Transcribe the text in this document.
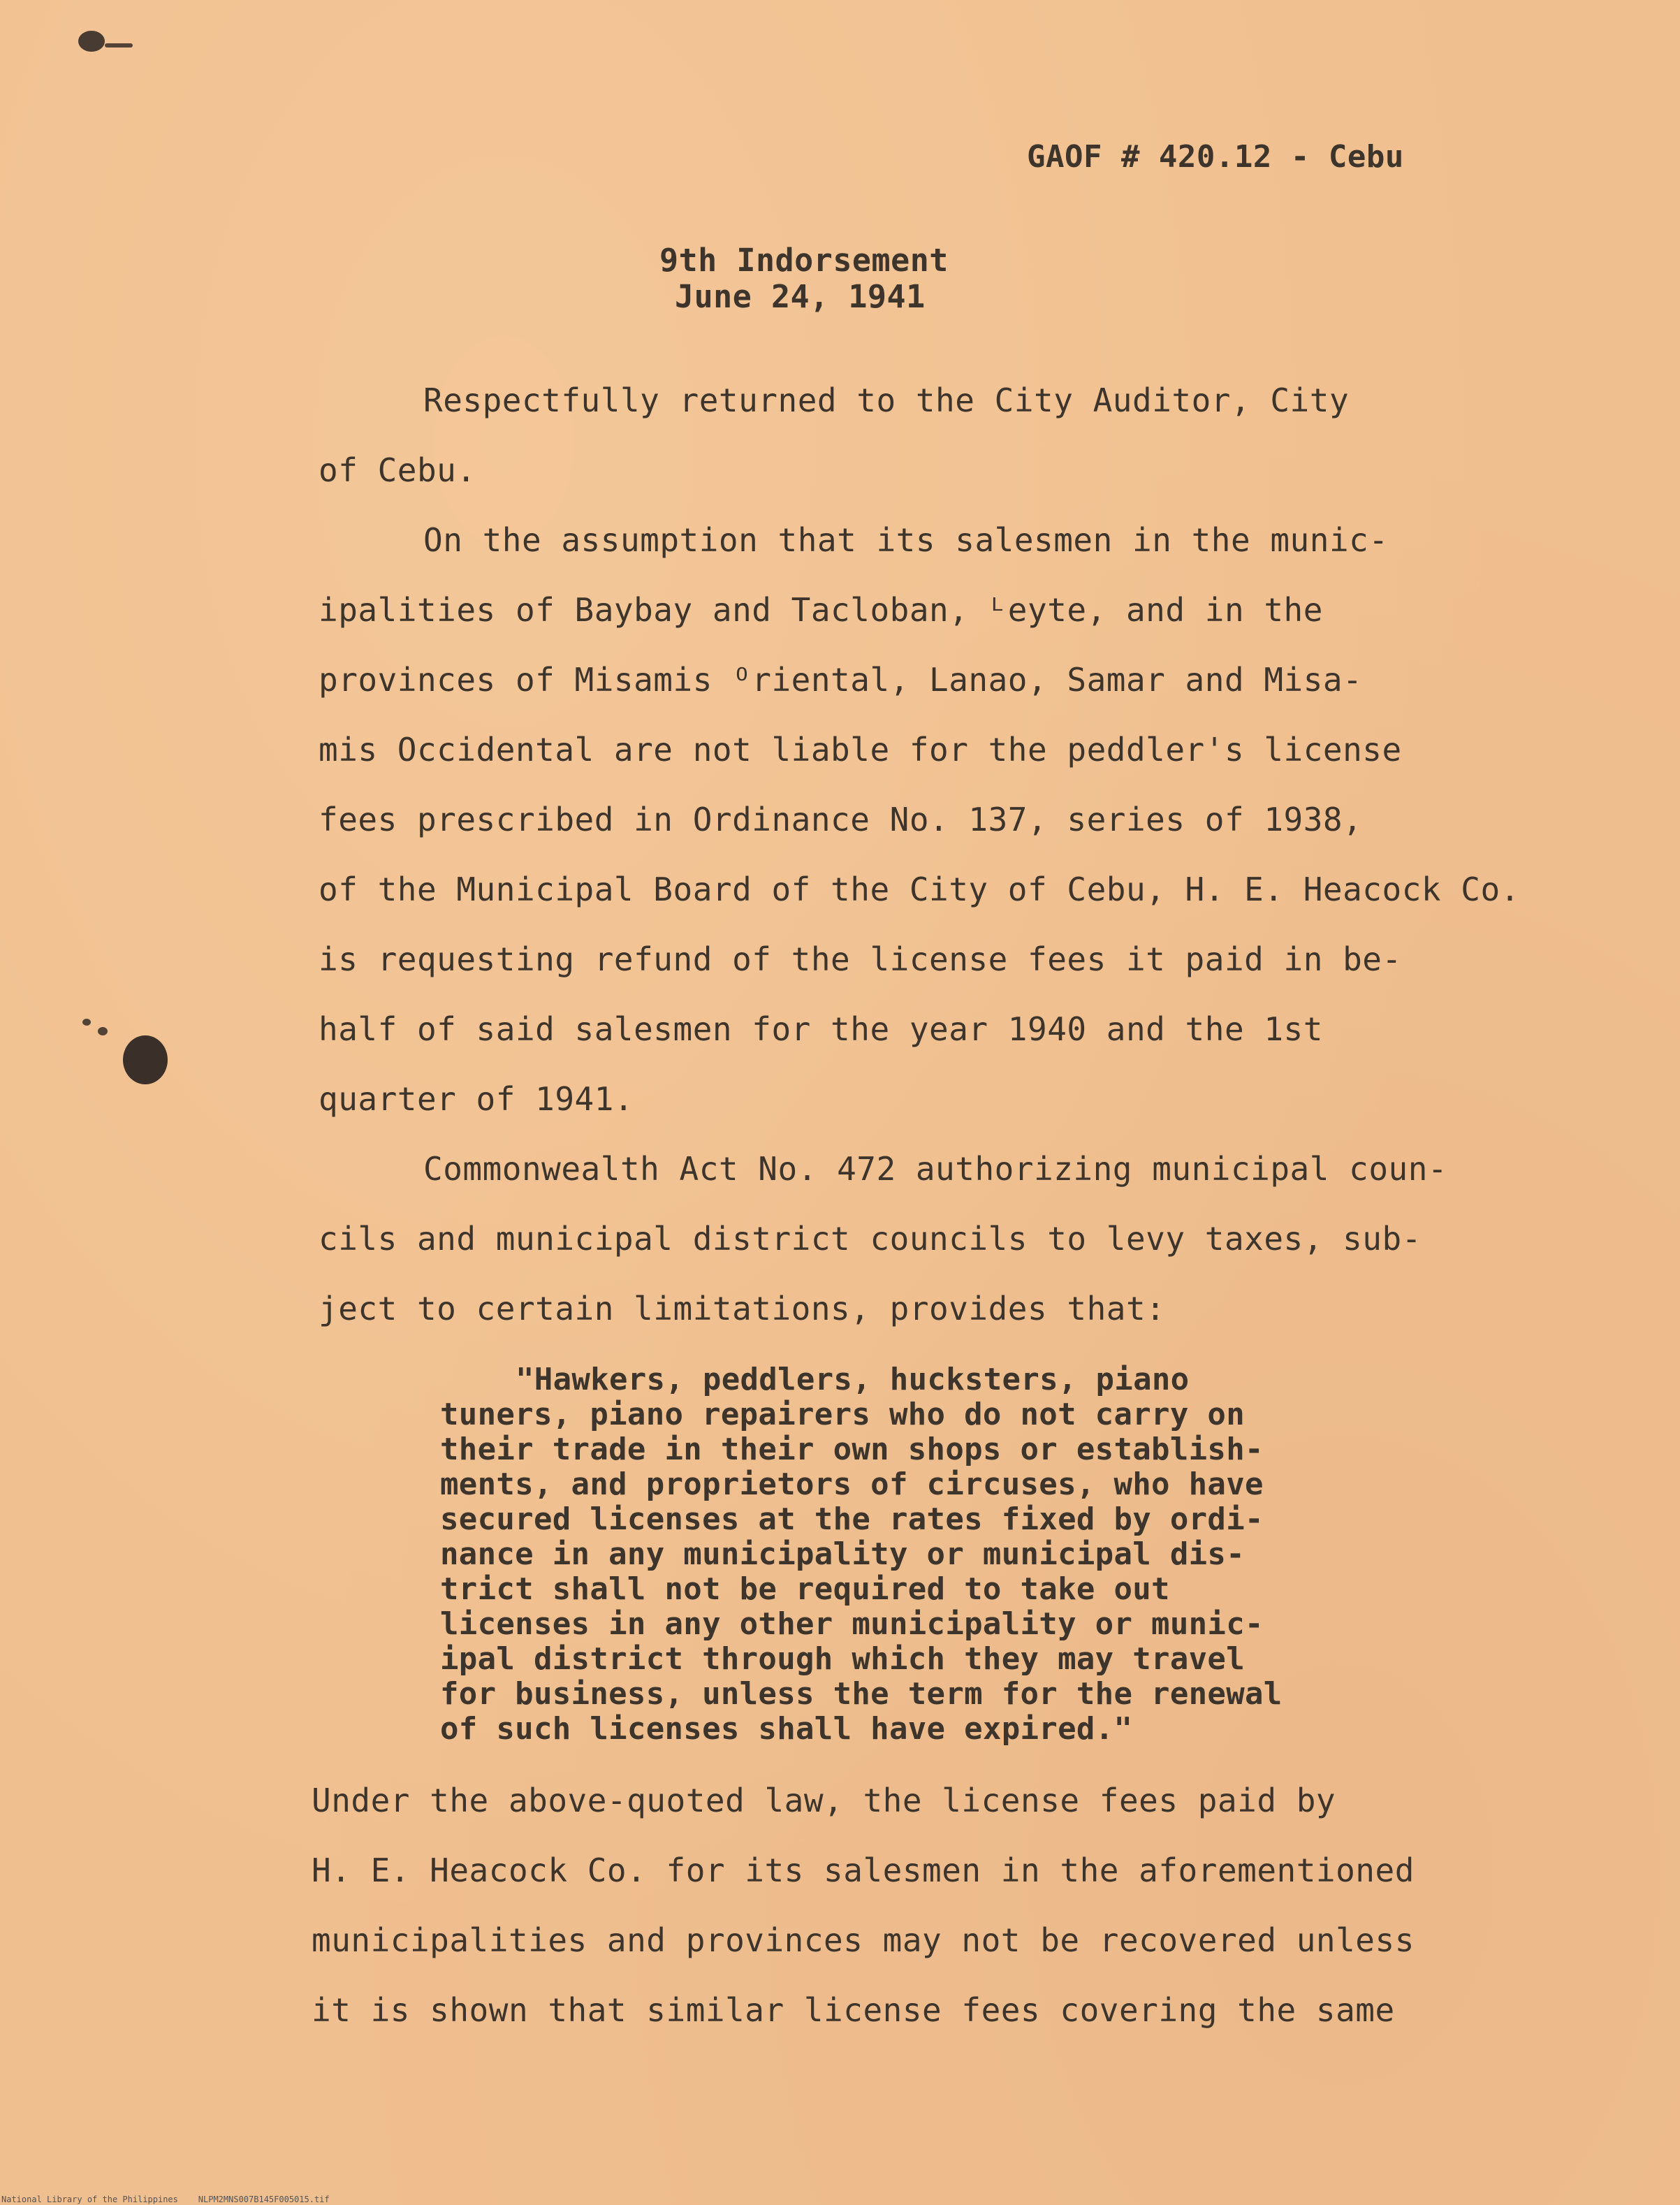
GAOF # 420.12 - Cebu
9th Indorsement
June 24, 1941
Respectfully returned to the City Auditor, City
of Cebu.
On the assumption that its salesmen in the munic-
ipalities of Baybay and Tacloban, ᴸeyte, and in the
provinces of Misamis ᴼriental, Lanao, Samar and Misa-
mis Occidental are not liable for the peddler's license
fees prescribed in Ordinance No. 137, series of 1938,
of the Municipal Board of the City of Cebu, H. E. Heacock Co.
is requesting refund of the license fees it paid in be-
half of said salesmen for the year 1940 and the 1st
quarter of 1941.
Commonwealth Act No. 472 authorizing municipal coun-
cils and municipal district councils to levy taxes, sub-
ject to certain limitations, provides that:
"Hawkers, peddlers, hucksters, piano
tuners, piano repairers who do not carry on
their trade in their own shops or establish-
ments, and proprietors of circuses, who have
secured licenses at the rates fixed by ordi-
nance in any municipality or municipal dis-
trict shall not be required to take out
licenses in any other municipality or munic-
ipal district through which they may travel
for business, unless the term for the renewal
of such licenses shall have expired."
Under the above-quoted law, the license fees paid by
H. E. Heacock Co. for its salesmen in the aforementioned
municipalities and provinces may not be recovered unless
it is shown that similar license fees covering the same
National Library of the Philippines NLPM2MNS007B145F005015.tif
